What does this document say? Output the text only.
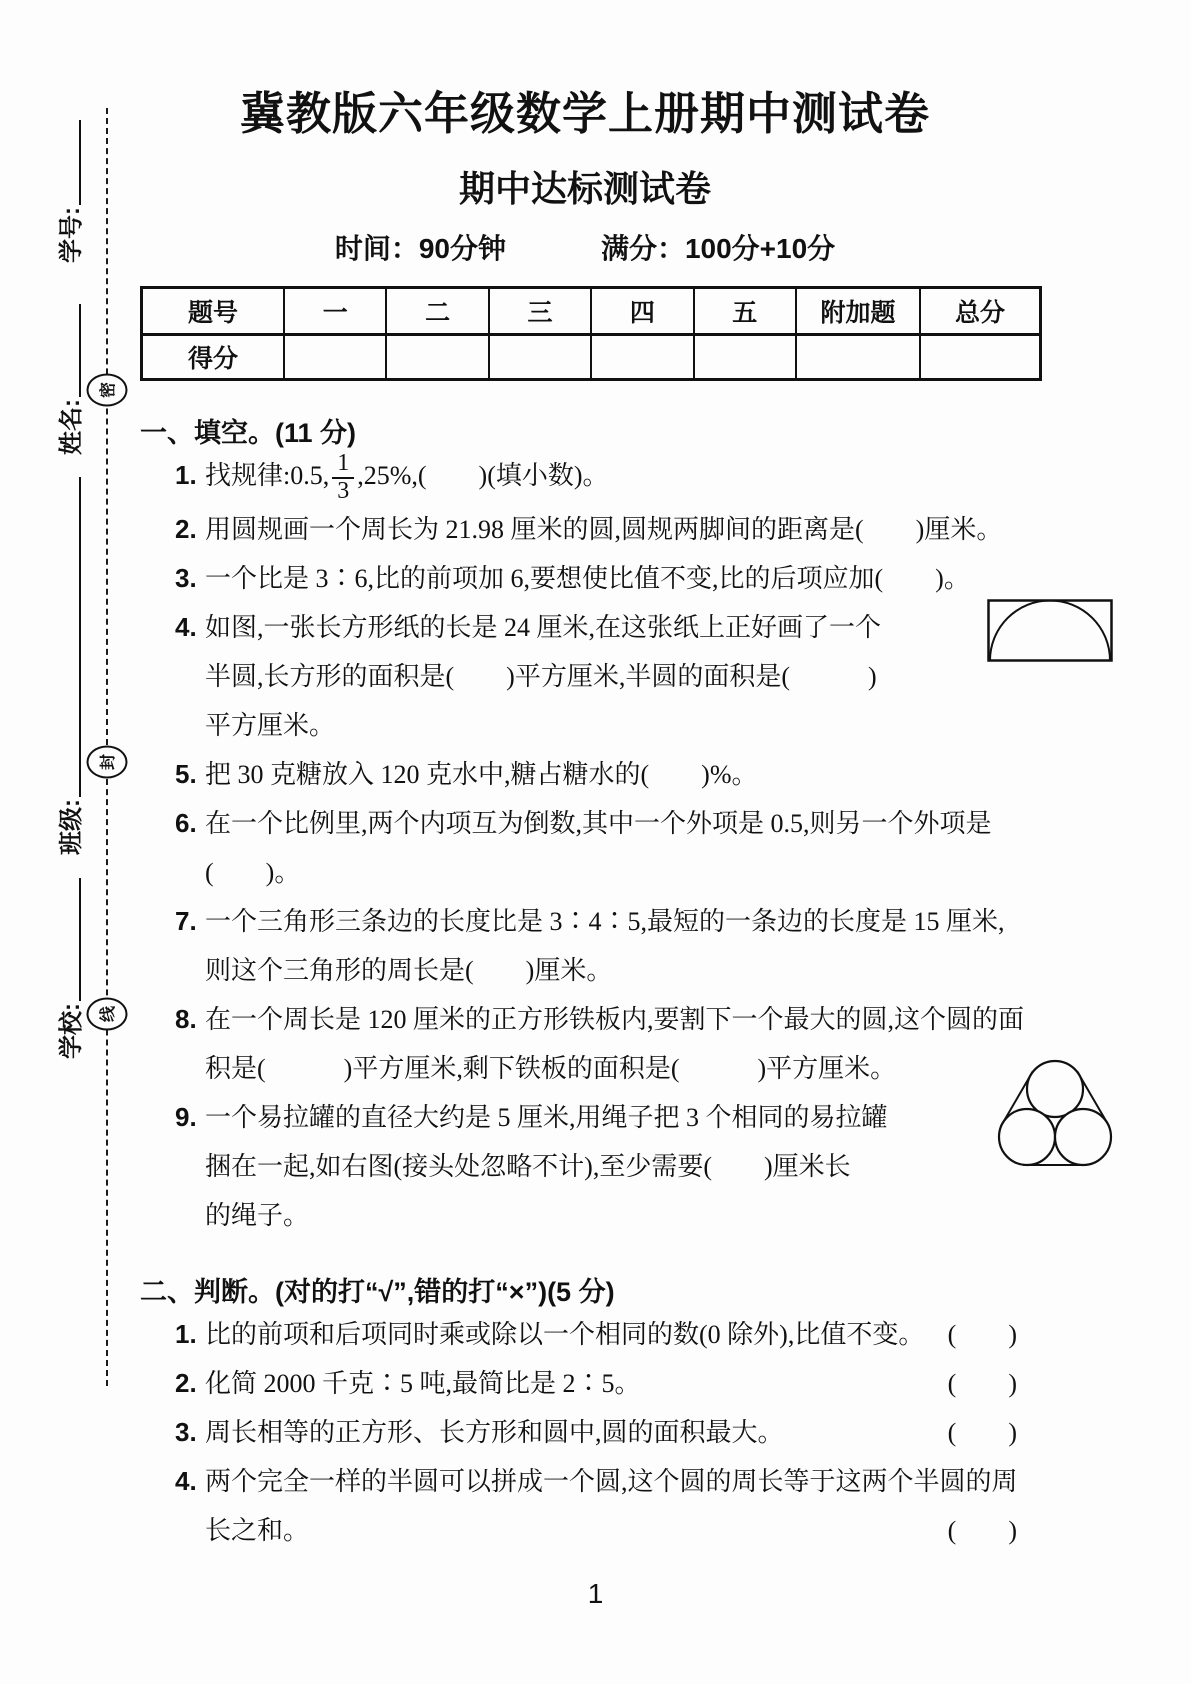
学号:
姓名:
班级:
学校:
密
封
线
冀教版六年级数学上册期中测试卷
期中达标测试卷
时间：90分钟	满分：100分+10分
题号	一	二	三	四	五	附加题	总分
得分							
一、填空。(11 分)
1. 找规律:0.5, $\frac{1}{3} ,25\%$,(　　)(填小数)。
2. 用圆规画一个周长为 21.98 厘米的圆,圆规两脚间的距离是(　　)厘米。
3. 一个比是 3∶6,比的前项加 6,要想使比值不变,比的后项应加(　　)。
4. 如图,一张长方形纸的长是 24 厘米,在这张纸上正好画了一个
半圆,长方形的面积是(　　)平方厘米,半圆的面积是(　　　)
平方厘米。
5. 把 30 克糖放入 120 克水中,糖占糖水的(　　)%。
6. 在一个比例里,两个内项互为倒数,其中一个外项是 0.5,则另一个外项是
(　　)。
7. 一个三角形三条边的长度比是 3∶4∶5,最短的一条边的长度是 15 厘米,
则这个三角形的周长是(　　)厘米。
8. 在一个周长是 120 厘米的正方形铁板内,要割下一个最大的圆,这个圆的面
积是(　　　)平方厘米,剩下铁板的面积是(　　　)平方厘米。
9. 一个易拉罐的直径大约是 5 厘米,用绳子把 3 个相同的易拉罐
捆在一起,如右图(接头处忽略不计),至少需要(　　)厘米长
的绳子。
二、判断。(对的打“√”,错的打“×”)(5 分)
1. 比的前项和后项同时乘或除以一个相同的数(0 除外),比值不变。 (　　)
2. 化简 2000 千克∶5 吨,最简比是 2∶5。	(　　)
3. 周长相等的正方形、长方形和圆中,圆的面积最大。	(　　)
4. 两个完全一样的半圆可以拼成一个圆,这个圆的周长等于这两个半圆的周
长之和。	(　　)
1
